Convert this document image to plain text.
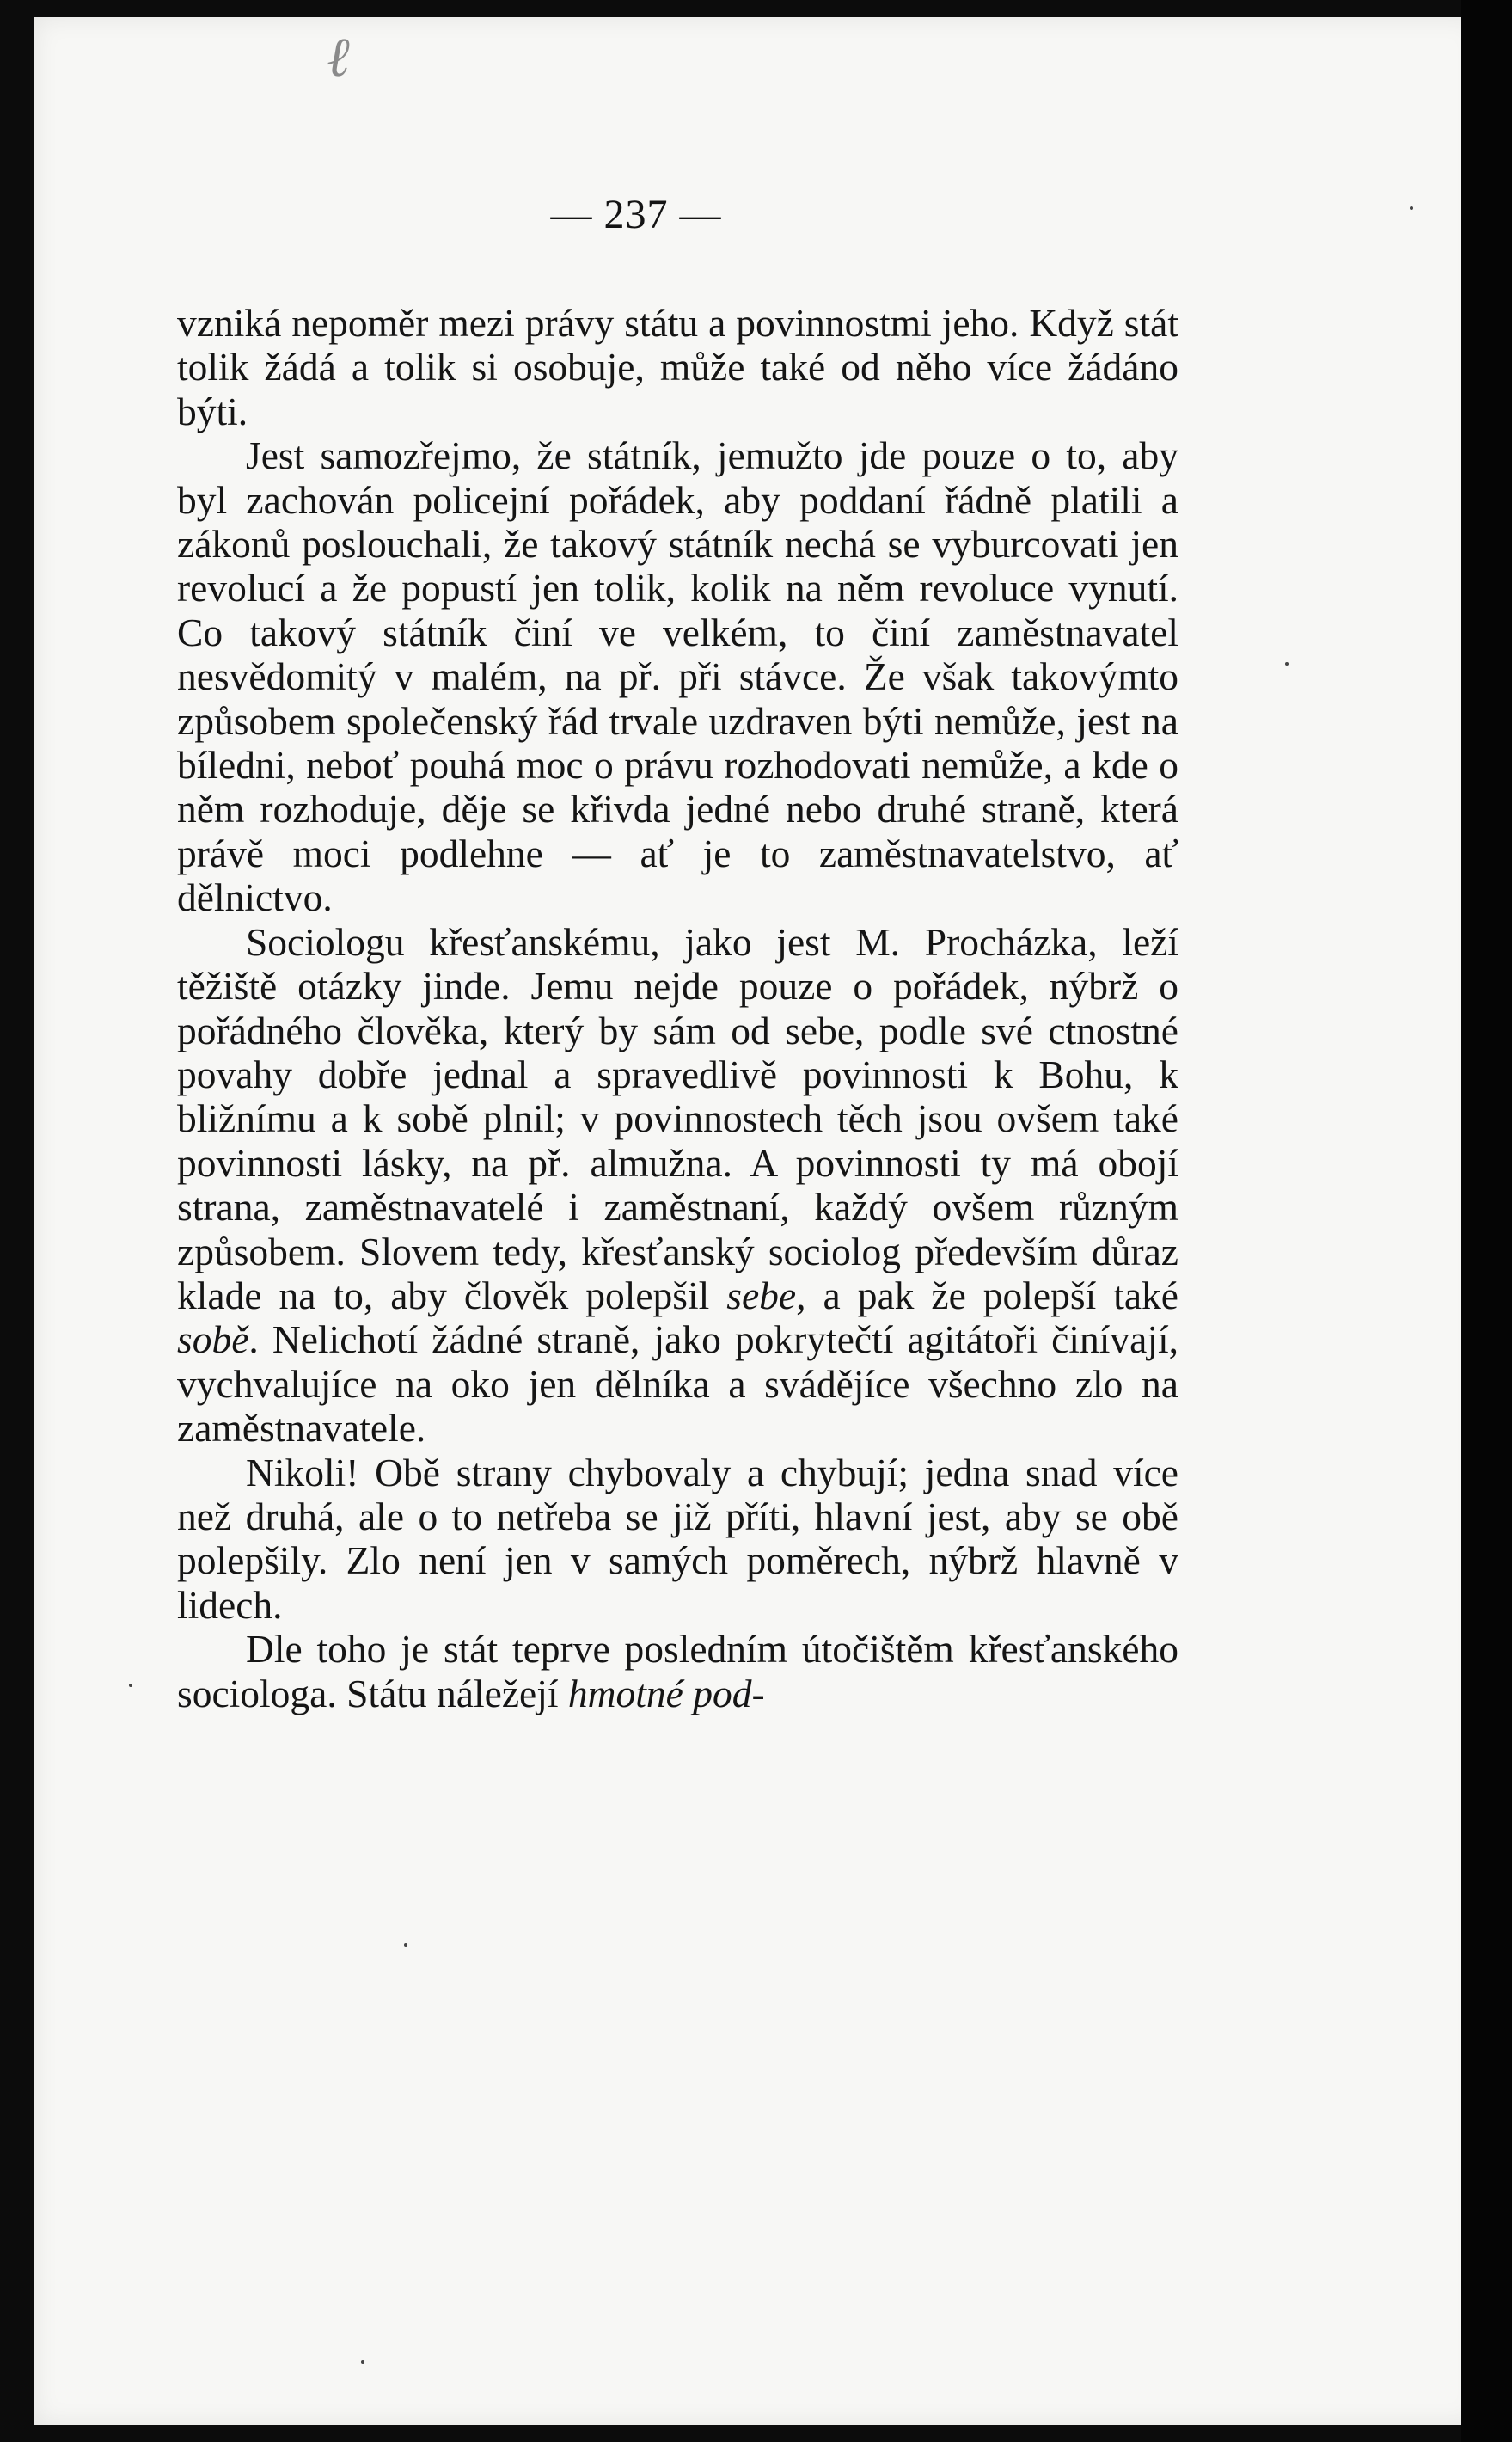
ℓ
— 237 —

vzniká nepoměr mezi právy státu a povinnostmi jeho. Když stát tolik žádá a tolik si osobuje, může také od něho více žádáno býti.

Jest samozřejmo, že státník, jemužto jde pouze o to, aby byl zachován policejní pořádek, aby poddaní řádně platili a zákonů poslouchali, že takový státník nechá se vyburcovati jen revolucí a že popustí jen tolik, kolik na něm revoluce vynutí. Co takový státník činí ve velkém, to činí zaměstnavatel nesvědomitý v malém, na př. při stávce. Že však takovýmto způsobem společenský řád trvale uzdraven býti nemůže, jest na bíledni, neboť pouhá moc o právu rozhodovati nemůže, a kde o něm rozhoduje, děje se křivda jedné nebo druhé straně, která právě moci podlehne — ať je to zaměstnavatelstvo, ať dělnictvo.

Sociologu křesťanskému, jako jest M. Procházka, leží těžiště otázky jinde. Jemu nejde pouze o pořádek, nýbrž o pořádného člověka, který by sám od sebe, podle své ctnostné povahy dobře jednal a spravedlivě povinnosti k Bohu, k bližnímu a k sobě plnil; v povinnostech těch jsou ovšem také povinnosti lásky, na př. almužna. A povinnosti ty má obojí strana, zaměstnavatelé i zaměstnaní, každý ovšem různým způsobem. Slovem tedy, křesťanský sociolog především důraz klade na to, aby člověk polepšil sebe, a pak že polepší také sobě. Nelichotí žádné straně, jako pokrytečtí agitátoři činívají, vychvalujíce na oko jen dělníka a svádějíce všechno zlo na zaměstnavatele.

Nikoli! Obě strany chybovaly a chybují; jedna snad více než druhá, ale o to netřeba se již příti, hlavní jest, aby se obě polepšily. Zlo není jen v samých poměrech, nýbrž hlavně v lidech.

Dle toho je stát teprve posledním útočištěm křesťanského sociologa. Státu náležejí hmotné pod-
